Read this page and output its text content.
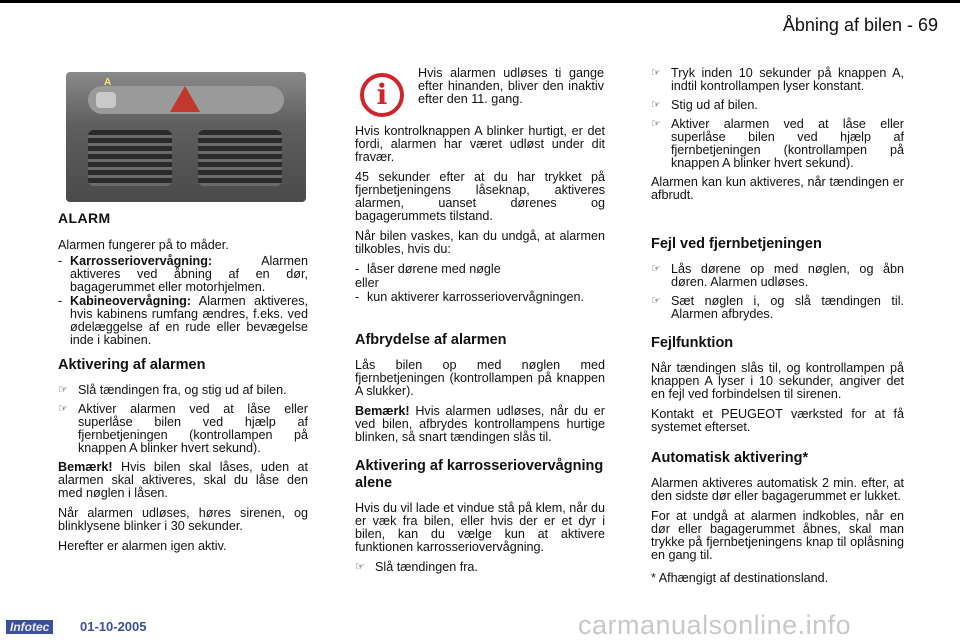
Åbning af bilen - 69
A	i

Hvis alarmen udløses ti gange efter hinanden, bliver den inaktiv efter den 11. gang.

ALARM

Alarmen fungerer på to måder.

- Karrosseriovervågning: Alarmen aktiveres ved åbning af en dør, bagagerummet eller motorhjelmen.
- Kabineovervågning: Alarmen aktiveres, hvis kabinens rumfang ændres, f.eks. ved ødelæggelse af en rude eller bevægelse inde i kabinen.
Aktivering af alarmen
☞ Slå tændingen fra, og stig ud af bilen.
☞ Aktiver alarmen ved at låse eller superlåse bilen ved hjælp af fjernbetjeningen (kontrollampen på knappen A blinker hvert sekund).

Bemærk! Hvis bilen skal låses, uden at alarmen skal aktiveres, skal du låse den med nøglen i låsen.

Når alarmen udløses, høres sirenen, og blinklysene blinker i 30 sekunder.

Herefter er alarmen igen aktiv.

Hvis kontrolknappen A blinker hurtigt, er det fordi, alarmen har været udløst under dit fravær.

45 sekunder efter at du har trykket på fjernbetjeningens låseknap, aktiveres alarmen, uanset dørenes og bagagerummets tilstand.

Når bilen vaskes, kan du undgå, at alarmen tilkobles, hvis du:

- låser dørene med nøgle
eller
- kun aktiverer karrosseriovervågningen.
Afbrydelse af alarmen

Lås bilen op med nøglen med fjernbetjeningen (kontrollampen på knappen A slukker).

Bemærk! Hvis alarmen udløses, når du er ved bilen, afbrydes kontrollampens hurtige blinken, så snart tændingen slås til.

Aktivering af karrosseriovervågning alene

Hvis du vil lade et vindue stå på klem, når du er væk fra bilen, eller hvis der er et dyr i bilen, kan du vælge kun at aktivere funktionen karrosseriovervågning.

☞ Slå tændingen fra.
☞ Tryk inden 10 sekunder på knappen A, indtil kontrollampen lyser konstant.
☞ Stig ud af bilen.
☞ Aktiver alarmen ved at låse eller superlåse bilen ved hjælp af fjernbetjeningen (kontrollampen på knappen A blinker hvert sekund).

Alarmen kan kun aktiveres, når tændingen er afbrudt.

Fejl ved fjernbetjeningen
☞ Lås dørene op med nøglen, og åbn døren. Alarmen udløses.
☞ Sæt nøglen i, og slå tændingen til. Alarmen afbrydes.
Fejlfunktion

Når tændingen slås til, og kontrollampen på knappen A lyser i 10 sekunder, angiver det en fejl ved forbindelsen til sirenen.

Kontakt et PEUGEOT værksted for at få systemet efterset.

Automatisk aktivering*

Alarmen aktiveres automatisk 2 min. efter, at den sidste dør eller bagagerummet er lukket.

For at undgå at alarmen indkobles, når en dør eller bagagerummet åbnes, skal man trykke på fjernbetjeningens knap til oplåsning en gang til.

* Afhængigt af destinationsland.

Infotec	01-10-2005	carmanualsonline.info
